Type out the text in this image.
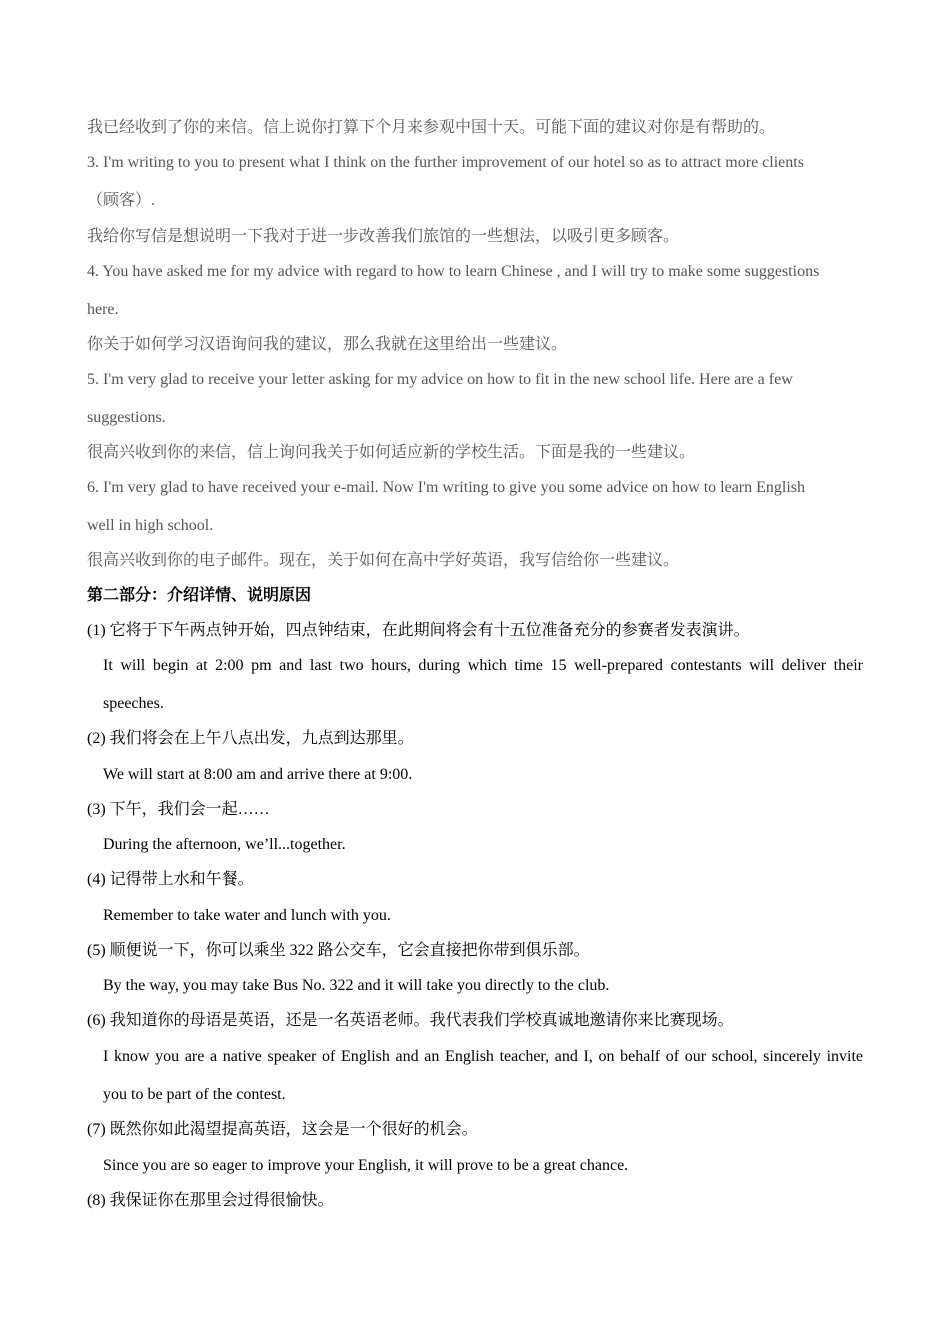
我已经收到了你的来信。信上说你打算下个月来参观中国十天。可能下面的建议对你是有帮助的。
3. I'm writing to you to present what I think on the further improvement of our hotel so as to attract more clients
（顾客）.
我给你写信是想说明一下我对于进一步改善我们旅馆的一些想法，以吸引更多顾客。
4. You have asked me for my advice with regard to how to learn Chinese , and I will try to make some suggestions
here.
你关于如何学习汉语询问我的建议，那么我就在这里给出一些建议。
5. I'm very glad to receive your letter asking for my advice on how to fit in the new school life. Here are a few
suggestions.
很高兴收到你的来信，信上询问我关于如何适应新的学校生活。下面是我的一些建议。
6. I'm very glad to have received your e-mail. Now I'm writing to give you some advice on how to learn English
well in high school.
很高兴收到你的电子邮件。现在，关于如何在高中学好英语，我写信给你一些建议。
第二部分：介绍详情、说明原因
(1) 它将于下午两点钟开始，四点钟结束，在此期间将会有十五位准备充分的参赛者发表演讲。
It will begin at 2:00 pm and last two hours, during which time 15 well-prepared contestants will deliver their
speeches.
(2) 我们将会在上午八点出发，九点到达那里。
We will start at 8:00 am and arrive there at 9:00.
(3) 下午，我们会一起……
During the afternoon, we’ll...together.
(4) 记得带上水和午餐。
Remember to take water and lunch with you.
(5) 顺便说一下，你可以乘坐 322 路公交车，它会直接把你带到俱乐部。
By the way, you may take Bus No. 322 and it will take you directly to the club.
(6) 我知道你的母语是英语，还是一名英语老师。我代表我们学校真诚地邀请你来比赛现场。
I know you are a native speaker of English and an English teacher, and I, on behalf of our school, sincerely invite
you to be part of the contest.
(7) 既然你如此渴望提高英语，这会是一个很好的机会。
Since you are so eager to improve your English, it will prove to be a great chance.
(8) 我保证你在那里会过得很愉快。
